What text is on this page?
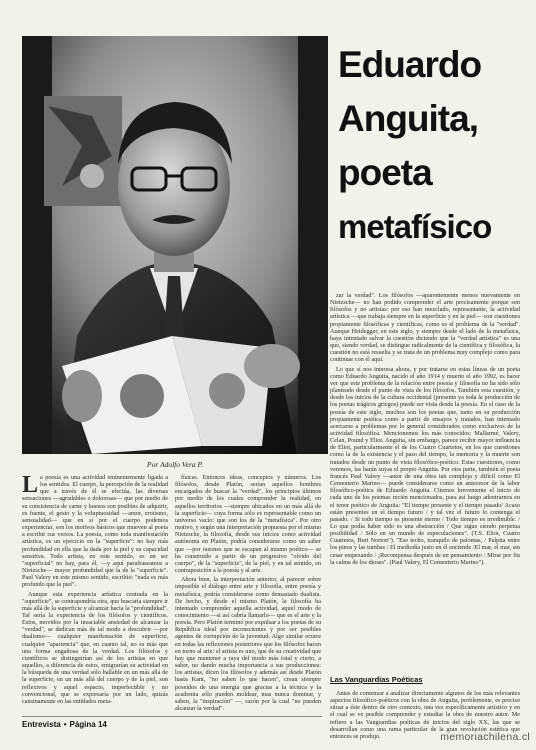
Eduardo
Anguita,
poeta
metafísico
Por Adolfo Vera P.

La poesía es una actividad eminentemente ligada a los sentidos. El cuerpo, la percepción de la realidad que a través de él se efectúa, las diversas sensaciones —agradables o dolorosas— que por medio de su consistencia de carne y huesos son posibles de adquirir, es fuente, el gesto y la voluptuosidad —amor, erotismo, sensualidad— que en sí por el cuerpo podemos experienciar, son los motivos básicos que mueven al poeta a escribir sus versos. La poesía, como toda manifestación artística, es un ejercicio en la "superficie": no hay más profundidad en ella que la dada por la piel y su capacidad sensitiva. Todo artista, en este sentido, es un ser "superficial" no hay, para él, —y aquí parafraseamos a Nietzsche— mayor profundidad que la de la "superficie". Paul Valery en este mismo sentido, escribió: "nada es más profundo que la piel".

Aunque esta experiencia artística centrada en la "superficie", se contrapondría otra, que buscaría siempre ir más allá de la superficie y alcanzar hacia la "profundidad". Tal sería la experiencia de los filósofos y científicos. Estos, movidos por la insaciable ansiedad de alcanzar la "verdad", se dedican más de tal modo a descubrir —por dualismo— cualquier manifestación de superficie, cualquier "apariencia" que, en cuanto tal, no es más que una forma engañosa de la verdad. Los filósofos y científicos se distinguirían así de los artistas en que aquellos, a diferencia de estos, emigrarían su actividad en la búsqueda de una verdad sólo hallable en un más allá de la superficie, en un más allá del cuerpo y de la piel, son reflexivos y aquel espacio, imperfectible y no convencional, que se expresaría por un lado, quizás cansinamente en las entidades meta-

físicas. Entonces ideas, conceptos y números. Los filósofos, desde Platón, serían aquellos hombres encargados de buscar la "verdad", los principios últimos por medio de los cuales comprender la realidad, en aquellos territorios —siempre ubicados en un más allá de la superficie— cuya forma sólo es representable como un universo vacío: que son los de la "metafísica". Por otro motivo, y según una interpretación propuesta por el mismo Nietzsche, la filosofía, desde sus inicios como actividad autónoma en Platón, podría considerarse como un saber que —por razones que se escapan al mismo poético— se ha construido a partir de un progresivo "olvido del cuerpo", de la "superficie", de la piel, y en tal sentido, en contraposición a la poesía y al arte.

Ahora bien, la interpretación anterior, al parecer sobre imposible el diálogo entre arte y filosofía, entre poesía y metafísica, podría considerarse como demasiado dualista. De hecho, y desde el mismo Platón, la filosofía ha intentado comprender aquella actividad, aquel modo de conocimiento —si así cabría llamarlo— que es el arte y la poesía. Pero Platón terminó por expulsar a los poetas de su República ideal por inconscientes y por ser posibles agentes de corrupción de la juventud. Algo similar ocurre en todas las reflexiones posteriores que los filósofos hacen en torno al arte: el artista es uno, que de su creatividad que hay que mantener a raya del modo más total y cierto, a saber, no dando mucha importancia a sus producciones: los artistas, dicen los filósofos y además así desde Platón hasta Kant, "no saben lo que hacen", crean siempre poseídos de una energía que gracias a la técnica y la academia sólo pueden moldear, mas nunca dominar, y saben, la "inspiración" —, razón por la cual "no pueden alcanzar la verdad".

zar la verdad". Los filósofos —aparentemente menos nuevamente en Nietzsche— no han podido comprender el arte precisamente porque son filósofos y no artistas: por eso han mezclado, representante, la actividad artística —que trabaja siempre en la superficie y en la piel— con cuestiones propiamente filosóficas y científicas, como es el problema de la "verdad". Aunque Heidegger, en este siglo, y siempre desde el lado de la metafísica, haya intentado salvar la cuestión diciendo que la "verdad artística" es una que, siendo verdad, se distingue radicalmente de la científica y filosófica, la cuestión no está resuelta y se trata de un problema muy complejo como para continuar con él aquí.

Lo que sí nos interesa ahora, y por tratarse en estas líneas de un poeta como Eduardo Anguita, nacido el año 1914 y muerto el año 1992, es hacer ver que este problema de la relación entre poesía y filosofía no ha sido sólo planteado desde el punto de vista de los filósofos. También esta cuestión, y desde los inicios de la cultura occidental (presente ya toda la producción de los poetas trágicos griegos) puede ser vista desde la poesía. En el caso de la poesía de este siglo, muchos son los poetas que, tanto en su producción propiamente poética como a partir de ensayos y tratados, han intentado acercarse a problemas por lo general considerados como exclusivos de la actividad filosófica. Mencionemos los más conocidos: Mallarmé, Valery, Celan, Pound y Eliot. Anguita, sin embargo, parece recibir mayor influencia de Eliot, particularmente el de los Cuatro Cuartetos, en los que cuestiones como la de la existencia y el paso del tiempo, la memoria y la muerte son tratados desde un punto de vista filosófico-poético. Estas cuestiones, como veremos, las harán suyas el propio Anguita. Por otra parte, también el poeta francés Paul Valery —autor de una obra tan compleja y difícil como El Cementerio Marino— puede considerarse como un antecesor de la labor filosófico-poética de Eduardo Anguita. Citemos brevemente el inicio de cada uno de los poemas recién mencionados, para así luego adentrarnos en el tenor poético de Anguita: "El tiempo presente y el tiempo pasado/ Acaso están presentes en el tiempo futuro / y tal vez el futuro lo contenga el pasado. / Si todo tiempo es presente eterno / Todo tiempo es irredimible. / Lo que podía haber sido es una abstracción / Que sigue siendo perpetua posibilidad / Sólo en un mundo de especulaciones". (T.S. Eliot, Cuatro Cuartetos, Burt Norton"). "Ese techo, tranquilo de palomas, / Palpita entre los pinos y las tumbas / El mediodía justo en él enciende /El mar, el mar, sin cesar empezando / ¡Recompensa después de un pensamiento / Mirar por fin la calma de los dioses". (Paul Valery, El Cementerio Marino").

Las Vanguardias Poéticas

Antes de comenzar a analizar directamente algunos de los más relevantes aspectos filosófico-poéticos con la obra de Anguita, problemente, es preciso situar a éste dentro de otro contexto, una vez específicamente artístico y en el cual se ve posible comprender y estudiar la obra de nuestro autor. Me refiero a las Vanguardias poéticas de inicios del siglo XX, las que se desarrollan como una rama particular de la gran revolución estética que entonces se produjo.

Entrevista • Página 14
memoriachilena.cl
